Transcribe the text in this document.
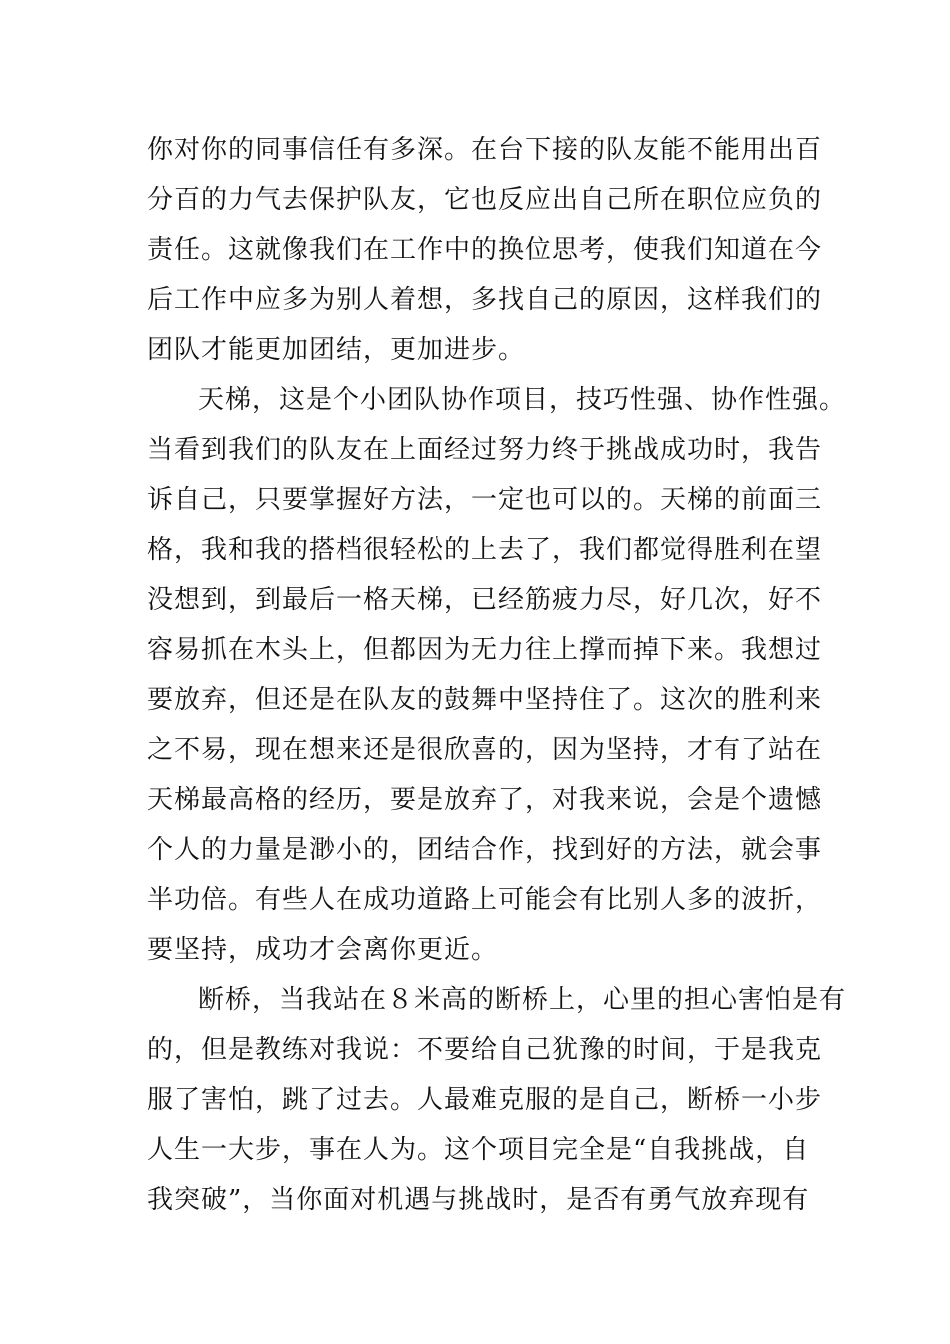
你对你的同事信任有多深。在台下接的队友能不能用出百
分百的力气去保护队友，它也反应出自己所在职位应负的
责任。这就像我们在工作中的换位思考，使我们知道在今
后工作中应多为别人着想，多找自己的原因，这样我们的
团队才能更加团结，更加进步。
天梯，这是个小团队协作项目，技巧性强、协作性强。
当看到我们的队友在上面经过努力终于挑战成功时，我告
诉自己，只要掌握好方法，一定也可以的。天梯的前面三
格，我和我的搭档很轻松的上去了，我们都觉得胜利在望
没想到，到最后一格天梯，已经筋疲力尽，好几次，好不
容易抓在木头上，但都因为无力往上撑而掉下来。我想过
要放弃，但还是在队友的鼓舞中坚持住了。这次的胜利来
之不易，现在想来还是很欣喜的，因为坚持，才有了站在
天梯最高格的经历，要是放弃了，对我来说，会是个遗憾
个人的力量是渺小的，团结合作，找到好的方法，就会事
半功倍。有些人在成功道路上可能会有比别人多的波折，
要坚持，成功才会离你更近。
断桥，当我站在８米高的断桥上，心里的担心害怕是有
的，但是教练对我说：不要给自己犹豫的时间，于是我克
服了害怕，跳了过去。人最难克服的是自己，断桥一小步
人生一大步，事在人为。这个项目完全是“自我挑战，自
我突破”，当你面对机遇与挑战时，是否有勇气放弃现有
